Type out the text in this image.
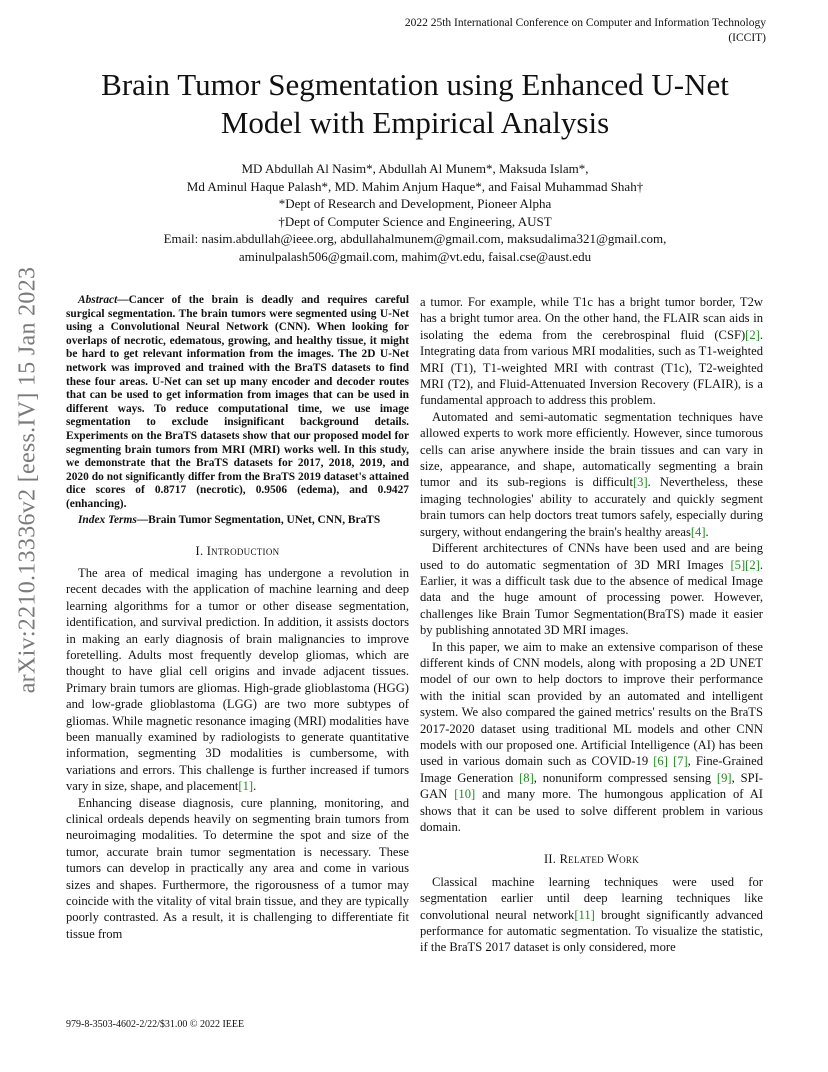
2022 25th International Conference on Computer and Information Technology (ICCIT)
Brain Tumor Segmentation using Enhanced U-Net Model with Empirical Analysis
MD Abdullah Al Nasim*, Abdullah Al Munem*, Maksuda Islam*,
Md Aminul Haque Palash*, MD. Mahim Anjum Haque*, and Faisal Muhammad Shah†
*Dept of Research and Development, Pioneer Alpha
†Dept of Computer Science and Engineering, AUST
Email: nasim.abdullah@ieee.org, abdullahalmunem@gmail.com, maksudalima321@gmail.com,
aminulpalash506@gmail.com, mahim@vt.edu, faisal.cse@aust.edu
arXiv:2210.13336v2 [eess.IV] 15 Jan 2023	Abstract—Cancer of the brain is deadly and requires careful surgical segmentation. The brain tumors were segmented using U-Net using a Convolutional Neural Network (CNN). When looking for overlaps of necrotic, edematous, growing, and healthy tissue, it might be hard to get relevant information from the images. The 2D U-Net network was improved and trained with the BraTS datasets to find these four areas. U-Net can set up many encoder and decoder routes that can be used to get information from images that can be used in different ways. To reduce computational time, we use image segmentation to exclude insignificant background details. Experiments on the BraTS datasets show that our proposed model for segmenting brain tumors from MRI (MRI) works well. In this study, we demonstrate that the BraTS datasets for 2017, 2018, 2019, and 2020 do not significantly differ from the BraTS 2019 dataset's attained dice scores of 0.8717 (necrotic), 0.9506 (edema), and 0.9427 (enhancing).

Index Terms—Brain Tumor Segmentation, UNet, CNN, BraTS

I. Introduction

The area of medical imaging has undergone a revolution in recent decades with the application of machine learning and deep learning algorithms for a tumor or other disease segmentation, identification, and survival prediction. In addition, it assists doctors in making an early diagnosis of brain malignancies to improve foretelling. Adults most frequently develop gliomas, which are thought to have glial cell origins and invade adjacent tissues. Primary brain tumors are gliomas. High-grade glioblastoma (HGG) and low-grade glioblastoma (LGG) are two more subtypes of gliomas. While magnetic resonance imaging (MRI) modalities have been manually examined by radiologists to generate quantitative information, segmenting 3D modalities is cumbersome, with variations and errors. This challenge is further increased if tumors vary in size, shape, and placement[1].

Enhancing disease diagnosis, cure planning, monitoring, and clinical ordeals depends heavily on segmenting brain tumors from neuroimaging modalities. To determine the spot and size of the tumor, accurate brain tumor segmentation is necessary. These tumors can develop in practically any area and come in various sizes and shapes. Furthermore, the rigorousness of a tumor may coincide with the vitality of vital brain tissue, and they are typically poorly contrasted. As a result, it is challenging to differentiate fit tissue from

a tumor. For example, while T1c has a bright tumor border, T2w has a bright tumor area. On the other hand, the FLAIR scan aids in isolating the edema from the cerebrospinal fluid (CSF)[2]. Integrating data from various MRI modalities, such as T1-weighted MRI (T1), T1-weighted MRI with contrast (T1c), T2-weighted MRI (T2), and Fluid-Attenuated Inversion Recovery (FLAIR), is a fundamental approach to address this problem.

Automated and semi-automatic segmentation techniques have allowed experts to work more efficiently. However, since tumorous cells can arise anywhere inside the brain tissues and can vary in size, appearance, and shape, automatically segmenting a brain tumor and its sub-regions is difficult[3]. Nevertheless, these imaging technologies' ability to accurately and quickly segment brain tumors can help doctors treat tumors safely, especially during surgery, without endangering the brain's healthy areas[4].

Different architectures of CNNs have been used and are being used to do automatic segmentation of 3D MRI Images [5][2]. Earlier, it was a difficult task due to the absence of medical Image data and the huge amount of processing power. However, challenges like Brain Tumor Segmentation(BraTS) made it easier by publishing annotated 3D MRI images.

In this paper, we aim to make an extensive comparison of these different kinds of CNN models, along with proposing a 2D UNET model of our own to help doctors to improve their performance with the initial scan provided by an automated and intelligent system. We also compared the gained metrics' results on the BraTS 2017-2020 dataset using traditional ML models and other CNN models with our proposed one. Artificial Intelligence (AI) has been used in various domain such as COVID-19 [6] [7], Fine-Grained Image Generation [8], nonuniform compressed sensing [9], SPI-GAN [10] and many more. The humongous application of AI shows that it can be used to solve different problem in various domain.

II. Related Work

Classical machine learning techniques were used for segmentation earlier until deep learning techniques like convolutional neural network[11] brought significantly advanced performance for automatic segmentation. To visualize the statistic, if the BraTS 2017 dataset is only considered, more

979-8-3503-4602-2/22/$31.00 © 2022 IEEE
